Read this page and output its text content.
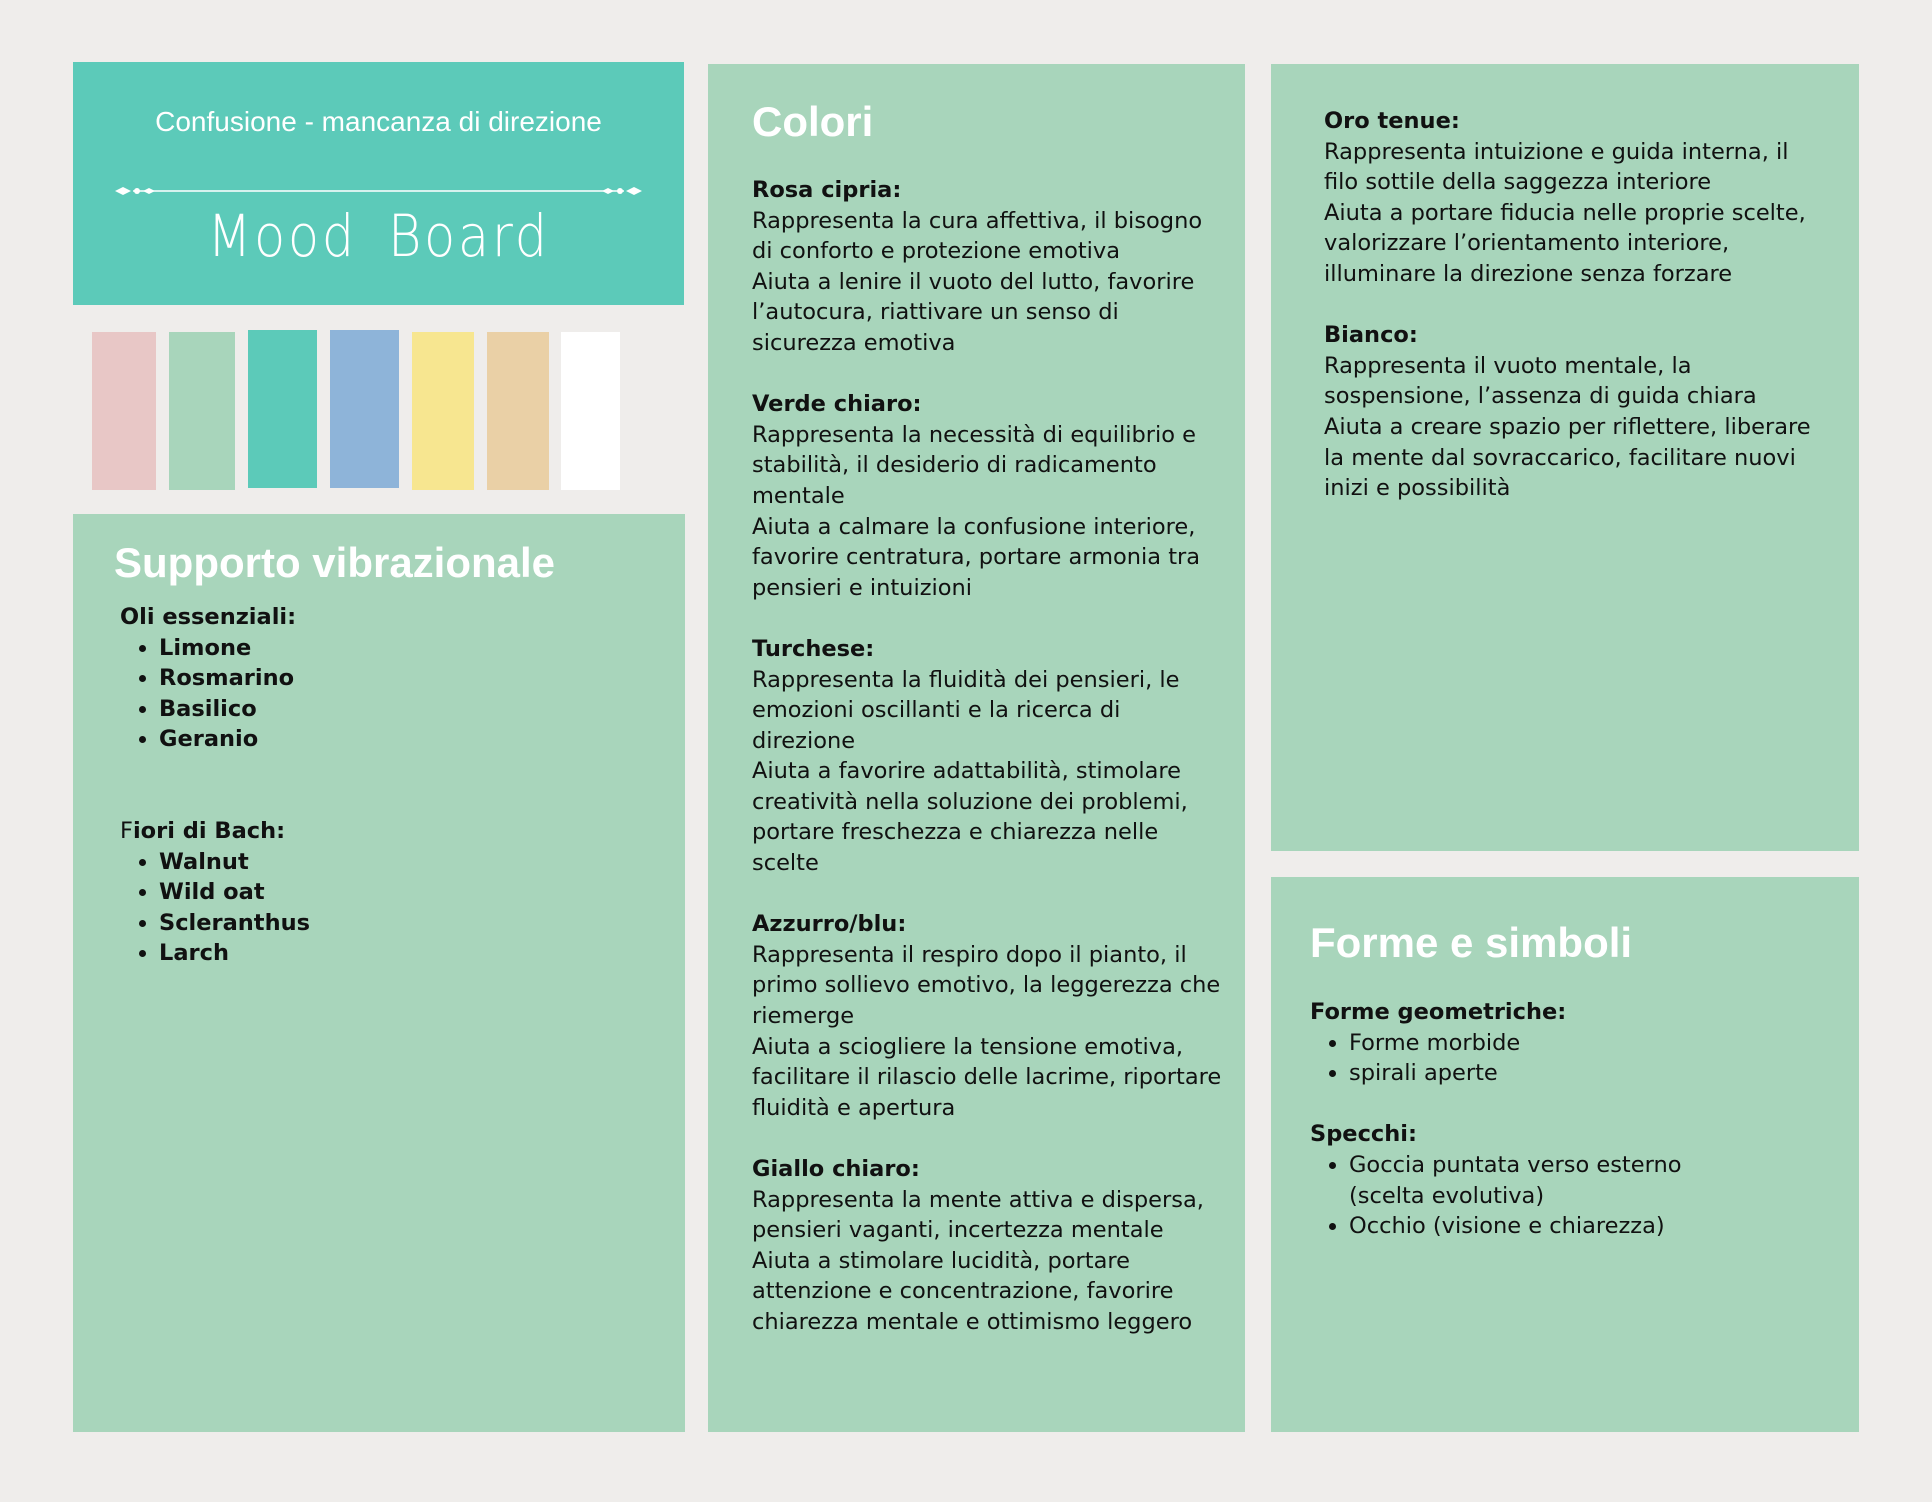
Confusione - mancanza di direzione
Mood Board
Supporto vibrazionale
Oli essenziali:
• Limone
• Rosmarino
• Basilico
• Geranio
Fiori di Bach:
• Walnut
• Wild oat
• Scleranthus
• Larch
Colori
Rosa cipria:
Rappresenta la cura affettiva, il bisogno di conforto e protezione emotiva
Aiuta a lenire il vuoto del lutto, favorire l’autocura, riattivare un senso di sicurezza emotiva
Verde chiaro:
Rappresenta la necessità di equilibrio e stabilità, il desiderio di radicamento mentale
Aiuta a calmare la confusione interiore, favorire centratura, portare armonia tra pensieri e intuizioni
Turchese:
Rappresenta la fluidità dei pensieri, le emozioni oscillanti e la ricerca di direzione
Aiuta a favorire adattabilità, stimolare creatività nella soluzione dei problemi, portare freschezza e chiarezza nelle scelte
Azzurro/blu:
Rappresenta il respiro dopo il pianto, il primo sollievo emotivo, la leggerezza che riemerge
Aiuta a sciogliere la tensione emotiva, facilitare il rilascio delle lacrime, riportare fluidità e apertura
Giallo chiaro:
Rappresenta la mente attiva e dispersa, pensieri vaganti, incertezza mentale
Aiuta a stimolare lucidità, portare attenzione e concentrazione, favorire chiarezza mentale e ottimismo leggero
Oro tenue:
Rappresenta intuizione e guida interna, il filo sottile della saggezza interiore
Aiuta a portare fiducia nelle proprie scelte, valorizzare l’orientamento interiore, illuminare la direzione senza forzare
Bianco:
Rappresenta il vuoto mentale, la sospensione, l’assenza di guida chiara
Aiuta a creare spazio per riflettere, liberare la mente dal sovraccarico, facilitare nuovi inizi e possibilità
Forme e simboli
Forme geometriche:
• Forme morbide
• spirali aperte
Specchi:
• Goccia puntata verso esterno (scelta evolutiva)
• Occhio (visione e chiarezza)
